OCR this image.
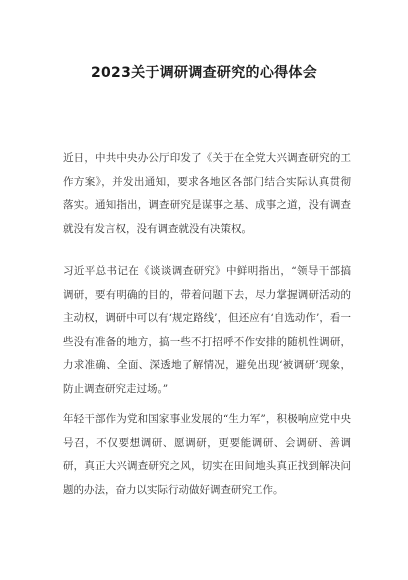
2023关于调研调查研究的心得体会

近日，中共中央办公厅印发了《关于在全党大兴调查研究的工作方案》，并发出通知，要求各地区各部门结合实际认真贯彻落实。通知指出，调查研究是谋事之基、成事之道，没有调查就没有发言权，没有调查就没有决策权。

习近平总书记在《谈谈调查研究》中鲜明指出，“领导干部搞调研，要有明确的目的，带着问题下去，尽力掌握调研活动的主动权，调研中可以有‘规定路线’，但还应有‘自选动作’，看一些没有准备的地方，搞一些不打招呼不作安排的随机性调研，力求准确、全面、深透地了解情况，避免出现‘被调研’现象，防止调查研究走过场。”

年轻干部作为党和国家事业发展的“生力军”，积极响应党中央号召，不仅要想调研、愿调研，更要能调研、会调研、善调研，真正大兴调查研究之风，切实在田间地头真正找到解决问题的办法，奋力以实际行动做好调查研究工作。
